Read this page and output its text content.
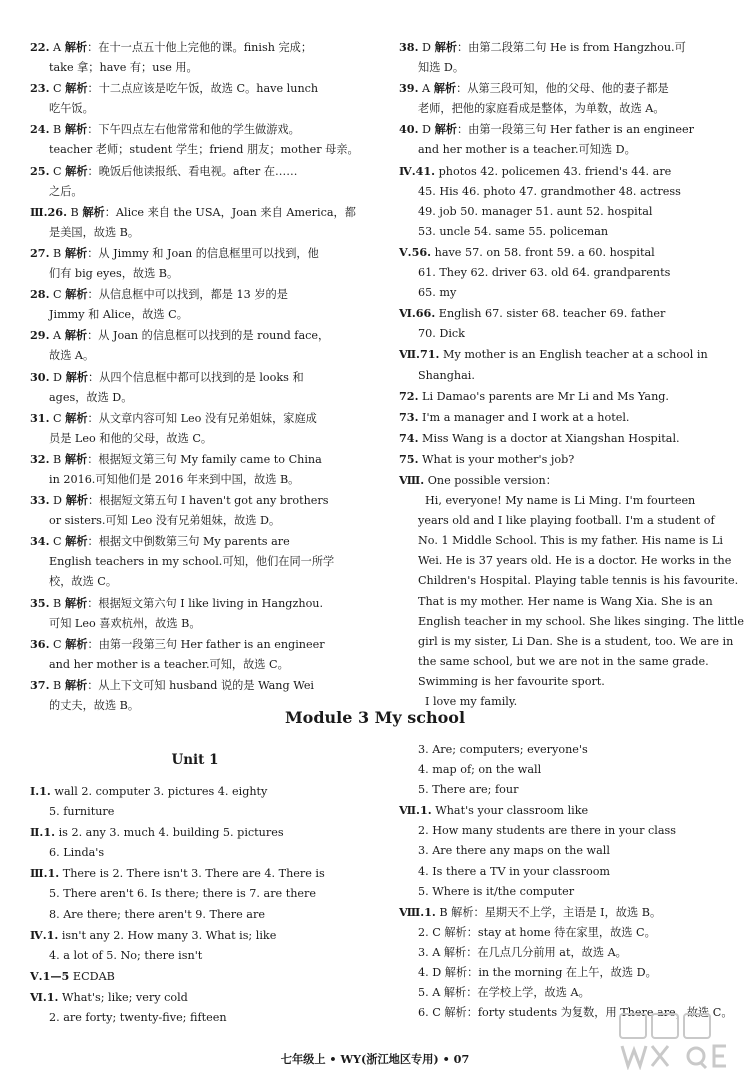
22. A 解析：在十一点五十他上完他的课。finish 完成；
take 拿；have 有；use 用。
23. C 解析：十二点应该是吃午饭，故选 C。have lunch
吃午饭。
24. B 解析：下午四点左右他常常和他的学生做游戏。
teacher 老师；student 学生；friend 朋友；mother 母亲。
25. C 解析：晚饭后他读报纸、看电视。after 在……
之后。
Ⅲ.26. B 解析：Alice 来自 the USA，Joan 来自 America，都
是美国，故选 B。
27. B 解析：从 Jimmy 和 Joan 的信息框里可以找到，他
们有 big eyes，故选 B。
28. C 解析：从信息框中可以找到，都是 13 岁的是
Jimmy 和 Alice，故选 C。
29. A 解析：从 Joan 的信息框可以找到的是 round face，
故选 A。
30. D 解析：从四个信息框中都可以找到的是 looks 和
ages，故选 D。
31. C 解析：从文章内容可知 Leo 没有兄弟姐妹，家庭成
员是 Leo 和他的父母，故选 C。
32. B 解析：根据短文第三句 My family came to China
in 2016.可知他们是 2016 年来到中国，故选 B。
33. D 解析：根据短文第五句 I haven't got any brothers
or sisters.可知 Leo 没有兄弟姐妹，故选 D。
34. C 解析：根据文中倒数第三句 My parents are
English teachers in my school.可知，他们在同一所学
校，故选 C。
35. B 解析：根据短文第六句 I like living in Hangzhou.
可知 Leo 喜欢杭州，故选 B。
36. C 解析：由第一段第三句 Her father is an engineer
and her mother is a teacher.可知，故选 C。
37. B 解析：从上下文可知 husband 说的是 Wang Wei
的丈夫，故选 B。
38. D 解析：由第二段第二句 He is from Hangzhou.可
知选 D。
39. A 解析：从第三段可知，他的父母、他的妻子都是
老师，把他的家庭看成是整体，为单数，故选 A。
40. D 解析：由第一段第三句 Her father is an engineer
and her mother is a teacher.可知选 D。
Ⅳ.41. photos 42. policemen 43. friend's 44. are
45. His 46. photo 47. grandmother 48. actress
49. job 50. manager 51. aunt 52. hospital
53. uncle 54. same 55. policeman
Ⅴ.56. have 57. on 58. front 59. a 60. hospital
61. They 62. driver 63. old 64. grandparents
65. my
Ⅵ.66. English 67. sister 68. teacher 69. father
70. Dick
Ⅶ.71. My mother is an English teacher at a school in
Shanghai.
72. Li Damao's parents are Mr Li and Ms Yang.
73. I'm a manager and I work at a hotel.
74. Miss Wang is a doctor at Xiangshan Hospital.
75. What is your mother's job?
Ⅷ. One possible version：
Hi, everyone! My name is Li Ming. I'm fourteen
years old and I like playing football. I'm a student of
No. 1 Middle School. This is my father. His name is Li
Wei. He is 37 years old. He is a doctor. He works in the
Children's Hospital. Playing table tennis is his favourite.
That is my mother. Her name is Wang Xia. She is an
English teacher in my school. She likes singing. The little
girl is my sister, Li Dan. She is a student, too. We are in
the same school, but we are not in the same grade.
Swimming is her favourite sport.
I love my family.
Module 3 My school
Unit 1
Ⅰ.1. wall 2. computer 3. pictures 4. eighty
5. furniture
Ⅱ.1. is 2. any 3. much 4. building 5. pictures
6. Linda's
Ⅲ.1. There is 2. There isn't 3. There are 4. There is
5. There aren't 6. Is there; there is 7. are there
8. Are there; there aren't 9. There are
Ⅳ.1. isn't any 2. How many 3. What is; like
4. a lot of 5. No; there isn't
Ⅴ.1—5 ECDAB
Ⅵ.1. What's; like; very cold
2. are forty; twenty-five; fifteen
3. Are; computers; everyone's
4. map of; on the wall
5. There are; four
Ⅶ.1. What's your classroom like
2. How many students are there in your class
3. Are there any maps on the wall
4. Is there a TV in your classroom
5. Where is it/the computer
Ⅷ.1. B 解析：星期天不上学，主语是 I，故选 B。
2. C 解析：stay at home 待在家里，故选 C。
3. A 解析：在几点几分前用 at，故选 A。
4. D 解析：in the morning 在上午，故选 D。
5. A 解析：在学校上学，故选 A。
6. C 解析：forty students 为复数，用 There are，故选 C。
七年级上 • WY(浙江地区专用) • 07
